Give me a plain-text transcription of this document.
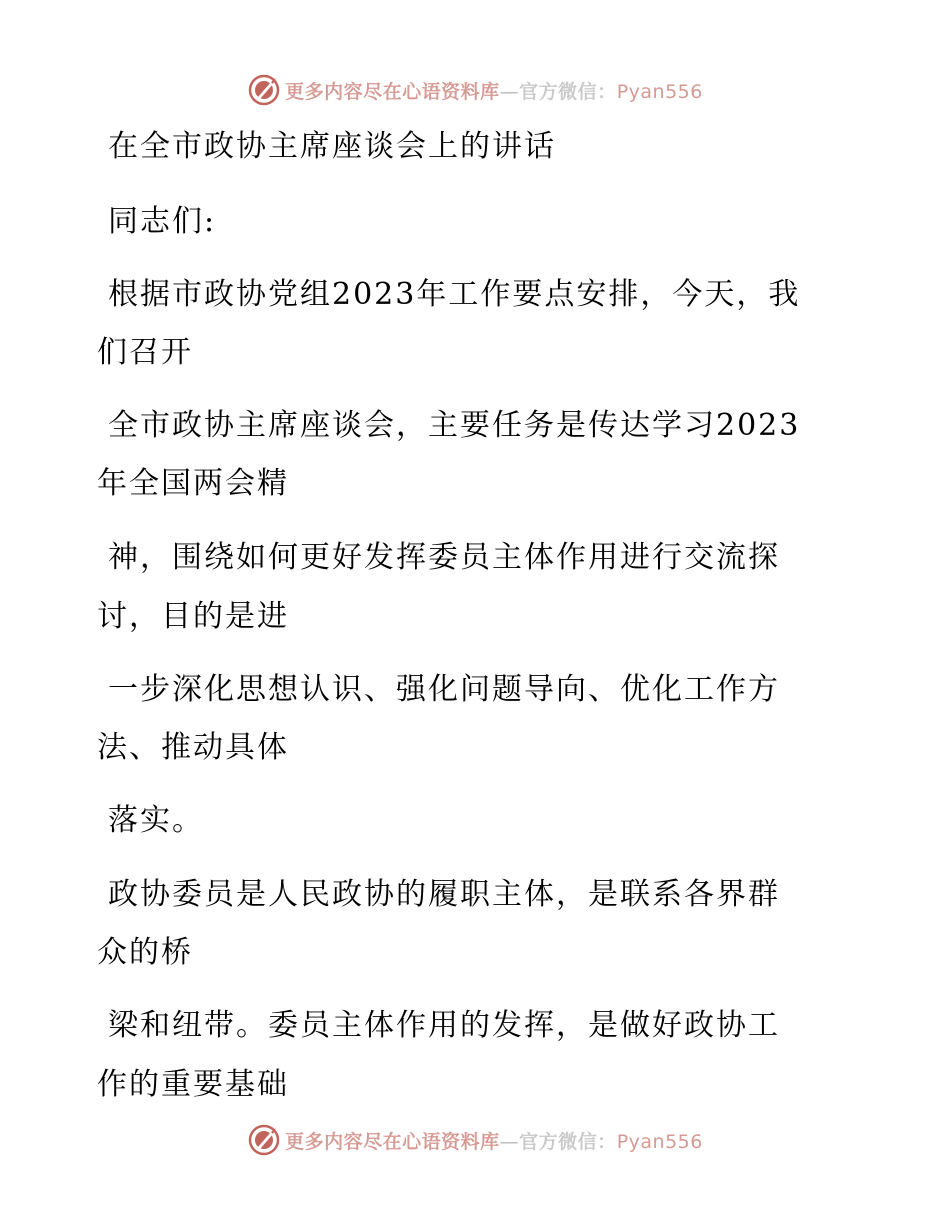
更多内容尽在心语资料库—官方微信：Pyan556
在全市政协主席座谈会上的讲话
同志们:
根据市政协党组2023年工作要点安排，今天，我
们召开
全市政协主席座谈会，主要任务是传达学习2023
年全国两会精
神，围绕如何更好发挥委员主体作用进行交流探
讨，目的是进
一步深化思想认识、强化问题导向、优化工作方
法、推动具体
落实。
政协委员是人民政协的履职主体，是联系各界群
众的桥
梁和纽带。委员主体作用的发挥，是做好政协工
作的重要基础
更多内容尽在心语资料库—官方微信：Pyan556
